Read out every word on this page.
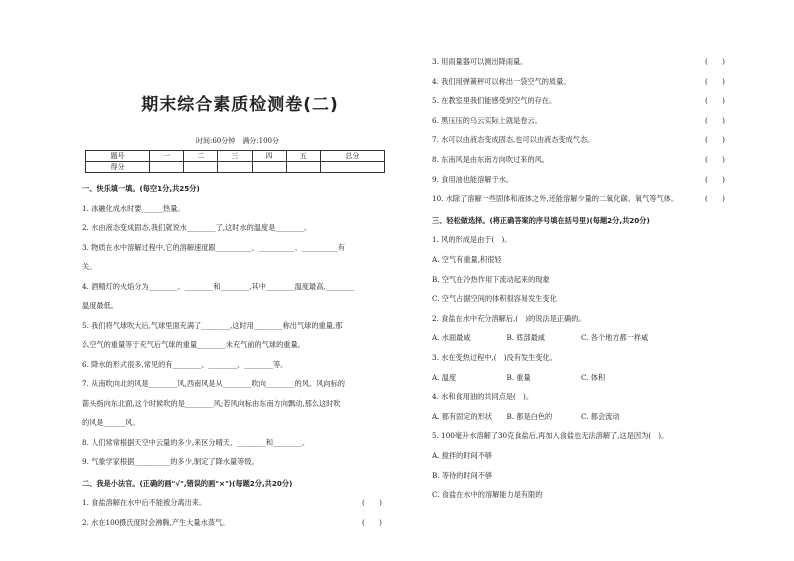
期末综合素质检测卷(二)
时间:60分钟　满分:100分
题号	一	二	三	四	五	总分
得分						
一、快乐填一填。(每空1分,共25分)
1. 冰融化成水时要______热量。
2. 水由液态变成固态,我们就说水________了,这时水的温度是________。
3. 物质在水中溶解过程中,它的溶解速度跟__________、__________、__________有
关。
4. 酒精灯的火焰分为________、________和________,其中________温度最高,________
温度最低。
5. 我们将气球吹大后,气球里面充满了________,这时用________称出气球的重量,那
么空气的重量等于充气后气球的重量________未充气前的气球的重量。
6. 降水的形式很多,常见的有________、________、________等。
7. 从南吹向北的风是________风,西南风是从________吹向________的风。风向标的
箭头指向东北面,这个时候吹的是________风;若风向标由东南方向飘动,那么这时吹
的风是______风。
8. 人们常常根据天空中云量的多少,来区分晴天、________和________。
9. 气象学家根据__________的多少,制定了降水量等级。
二、我是小法官。(正确的画"√",错误的画"×")(每题2分,共20分)
1. 食盐溶解在水中后不能被分离出来。	(　　)
2. 水在100摄氏度时会沸腾,产生大量水蒸气。	(　　)
3. 用雨量器可以测出降雨量。	(　　)
4. 我们用弹簧秤可以称出一袋空气的质量。	(　　)
5. 在教室里我们能感受到空气的存在。	(　　)
6. 黑压压的乌云实际上就是卷云。	(　　)
7. 水可以由液态变成固态,也可以由液态变成气态。	(　　)
8. 东南风是由东南方向吹过来的风。	(　　)
9. 食用油也能溶解于水。	(　　)
10. 水除了溶解一些固体和液体之外,还能溶解少量的二氧化碳、氧气等气体。	(　　)
三、轻松做选择。(将正确答案的序号填在括号里)(每题2分,共20分)
1. 风的形成是由于(　)。
A. 空气有重量,积很轻
B. 空气在冷热作用下流动起来的现象
C. 空气占据空间的体积很容易发生变化
2. 食盐在水中充分溶解后,(　)的说法是正确的。
A. 水面最咸　　　　　B. 底部最咸　　　　　C. 各个地方都一样咸
3. 水在变热过程中,(　)没有发生变化。
A. 温度　　　　　　　B. 重量　　　　　　　C. 体积
4. 水和食用油的共同点是(　)。
A. 都有固定的形状　　B. 都是白色的　　　　C. 都会流动
5. 100毫升水溶解了30克食盐后,再加入食盐也无法溶解了,这是因为(　)。
A. 搅拌的时间不够
B. 等待的时间不够
C. 食盐在水中的溶解能力是有限的
